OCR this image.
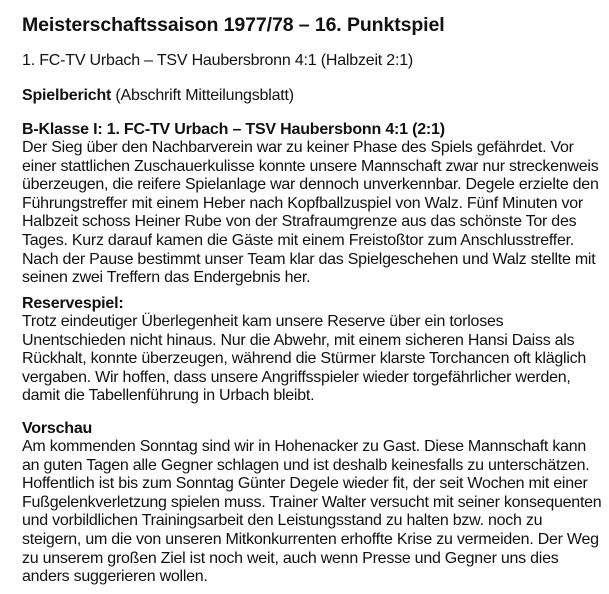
Meisterschaftssaison 1977/78 – 16. Punktspiel
1. FC-TV Urbach – TSV Haubersbronn 4:1 (Halbzeit 2:1)
Spielbericht (Abschrift Mitteilungsblatt)
B-Klasse I: 1. FC-TV Urbach – TSV Haubersbonn 4:1 (2:1)
Der Sieg über den Nachbarverein war zu keiner Phase des Spiels gefährdet. Vor
einer stattlichen Zuschauerkulisse konnte unsere Mannschaft zwar nur streckenweis
überzeugen, die reifere Spielanlage war dennoch unverkennbar. Degele erzielte den
Führungstreffer mit einem Heber nach Kopfballzuspiel von Walz. Fünf Minuten vor
Halbzeit schoss Heiner Rube von der Strafraumgrenze aus das schönste Tor des
Tages. Kurz darauf kamen die Gäste mit einem Freistoßtor zum Anschlusstreffer.
Nach der Pause bestimmt unser Team klar das Spielgeschehen und Walz stellte mit
seinen zwei Treffern das Endergebnis her.
Reservespiel:
Trotz eindeutiger Überlegenheit kam unsere Reserve über ein torloses
Unentschieden nicht hinaus. Nur die Abwehr, mit einem sicheren Hansi Daiss als
Rückhalt, konnte überzeugen, während die Stürmer klarste Torchancen oft kläglich
vergaben. Wir hoffen, dass unsere Angriffsspieler wieder torgefährlicher werden,
damit die Tabellenführung in Urbach bleibt.
Vorschau
Am kommenden Sonntag sind wir in Hohenacker zu Gast. Diese Mannschaft kann
an guten Tagen alle Gegner schlagen und ist deshalb keinesfalls zu unterschätzen.
Hoffentlich ist bis zum Sonntag Günter Degele wieder fit, der seit Wochen mit einer
Fußgelenkverletzung spielen muss. Trainer Walter versucht mit seiner konsequenten
und vorbildlichen Trainingsarbeit den Leistungsstand zu halten bzw. noch zu
steigern, um die von unseren Mitkonkurrenten erhoffte Krise zu vermeiden. Der Weg
zu unserem großen Ziel ist noch weit, auch wenn Presse und Gegner uns dies
anders suggerieren wollen.
